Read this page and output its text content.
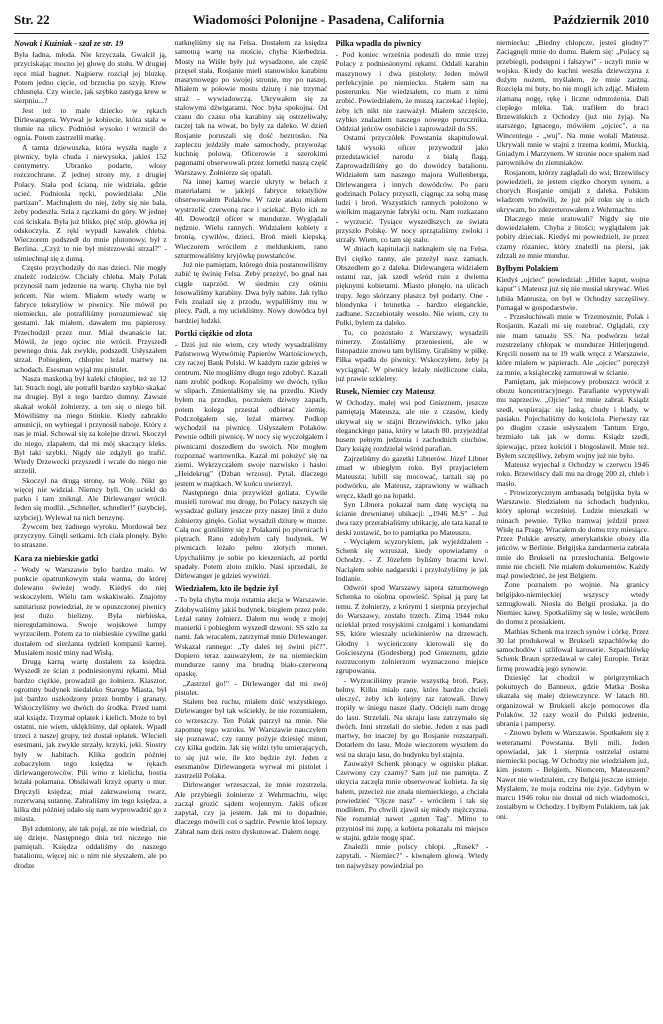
Str. 22	Wiadomości Polonijne - Pasadena, California	Październik 2010
Nowak i Kuźniak - szał ze str. 19

Była ładna, młoda. Nie krzyczała. Gwałcił ją, przyciskając mocno jej głowę do stołu. W drugiej ręce miał bagnet. Najpierw rozciął jej bluzkę. Potem jedno cięcie, od brzucha po szyję. Krew chlusnęła. Czy wiecie, jak szybko zastyga krew w sierpniu...?

Jest też to male dziecko w rękach Dirlewangera. Wyrwał je kobiecie, która stała w tłumie na ulicy. Podniósł wysoko i wrzucił do ognia. Potem zastrzelił matkę.

A tamta dziewuszka, która wyszła nagle z piwnicy, była chuda i niewysoka, jakieś 152 centymetry. Ubranko podarte, włosy rozczochrane. Z jednej strony my, z drugiej Polacy. Stała pod ścianą, nie widziała, gdzie ucieć. Podniosła ręcki, powiedziała: „Nie partizan". Machnąłem do niej, żeby się nie bała, żeby podeszła. Szła z rączkami do góry. W jednej coś ściskała. Była już blisko, pięć stóp, główka jej odskoczyła. Z ręki wypadł kawałek chleba. Wieczorem podszedł do mnie plutonowy, był z Berlina. „Czyż to nie był mistrzowski strzał?" - uśmiechnął się z dumą.

Często przychodziły do nas dzieci. Nie mogły znaleźć rodziców. Chciały chleba. Mały Polak przynosił nam jedzenie na wartę. Chyba nie był jeńcem. Nie wiem. Miałem wtedy wartę w fabryce tekstyliów w piwnicy. Nie mówił po niemiecku, ale potrafiliśmy porozumiewać się gestami. Jak miałem, dawałem mu papierosy. Przechodził przez mur. Miał dwanaście lat. Mówił, że jego ojciec nie wrócił. Przyszedł pewnego dnia. Jak zwykle, podszedł. Usłyszałem strzał. Pobiegłem, chłopiec leżał martwy na schodach. Esesman wyjął mu pistolet.

Nasza maskotką był kaleki chłopiec, też ze 12 lat. Strach nogi, ale potrafił bardzo szybko skakać na drugiej. Był z tego bardzo dumny. Zawsze skakał wokół żołnierzy, a ten się o niego bił. Mówiliśmy na niego Stinkie. Kiedy zabrakło amunicji, on wybiegał i przynosił naboje. Który z nas je miał. Schował się za kolejne drzwi. Skoczył do niego, złapałem, dał mi mój skaczący kleks. Był taki szybki. Nigdy nie zdążyli go trafić. Wtedy Drzewecki przyszedł i wcale do niego nie strzelił.

Skoczył na drugą stronę, na Wolę. Nikt go więcej nie widział. Niemcy byli. On uciekł do parku i tam zniknął. Ale Dirlewanger wrócił. Jeden się modlił. „Schneller, schneller!" (szybciej, szybciej). Wylewał na nich benzynę.

Żywcem bez żadnego wyroku. Mordował bez przyczyny. Ginęli setkami. Ich ciała płonęły. Było to straszne.

Kara za niebieskie gatki

- Wody w Warszawie było bardzo mało. W punkcie opatrunkowym stała wanna, do której dolewano świeżej wody. Kiedyś do niej wskoczyłem. Wielu tam wskakiwało. Znajomy sanitariusz powiedział, że w opuszczonej piwnicy jest dużo bielizny. Była niebieska, nieregulaminowa. Swoje wojskowe lumpy wyrzuciłem. Potem za to niebieskie cywilne gatki dostałem od sierżanta tydzień kompanii karnej. Musiałem nosić miny nad Wisłą.

Drugą karną wartę dostałem za księdza. Wyszedł ze ścian z podniesionymi rękami. Miał bardzo ciężkie, prowadził go żołnierz. Klasztor, ogromny budynek niedaleko Starego Miasta, był już bardzo uszkodzony przez bomby i granaty. Wskoczyliśmy we dwóch do środka. Przed nami stał ksiądz. Trzymał opłatek i kielich. Może to był ostatni, nie wiem, uklękliśmy, dał opłatek. Wpadł trzeci z naszej grupy, też dostał opłatek. Wlecieli esesmani, jak zwykle strzały, krzyki, jeki. Siostry były w habitach. Klika godzin później zobaczyłem tego księdza w rękach dirlewangerowców. Pili wino z kielicha, hostia leżała połamana. Obsikiwali krzyż oparty o mur. Dręczyli księdza; miał zakrwawioną twarz, rozerwaną sutannę. Zabraliśmy im tego księdza, a kilka dni później udało się nam wyprowadzić go z miasta.

Był zdumiony, ale tak pojął, ze nie wiedział, co się dzieje. Następnego dnia też niczego nie pamiętali. Księdza oddaliśmy do naszego batalionu, więcej nic o nim nie słyszałem, ale po drodze

natknęliśmy się na Felsa. Dostałem za księdza samotną wartę na moście, chyba Kierbedzia. Mosty na Wiśle były już wysadzone, ale część przęseł stała. Rosjanie mieli stanowisko karabinu maszynowego po swojej stronie, my po naszej. Miałem w połowie mostu dziurę i nie trzymać straż - wywiadowczą. Ukrywałem się za stalowymi dźwigarami. Noc była spokojna. Od czasu do czasu oba karabiny się ostrzeliwały, raczej tak na wiwat, bo były za daleko. W dzień Rosjanie poruszali się dość beztrosko. Na zapleczu jeździły małe samochody, przywożąc kuchnię polową. Oficerowie z szerokimi pagonami obserwowali przez lornetki naszą część Warszawy. Żołnierze się opalali.

Na innej karnej warcie ukryty w belach z materiałami w jakiejś fabryce tekstyliów obserwowałem Polaków. W razie ataku miałem wystrzelić czerwoną race i uciekać. Było ich ze 40. Dowodził oficer w mundurze. Wyglądali nędznie. Wielu rannych. Widziałem kobiety z bronią, cywilów, dzieci. Broń mieli kiepską. Wieczorem wróciłem z meldunkiem, rano szturmowaliśmy kryjówkę powstańców.

Już nie pamiętam, którego dnia postanowiliśmy zabić tę świnię Felsa. Żeby przeżyć, bo gnał nas ciągle naprzód. W siedmiu czy ośmiu losowaliśmy karabiny. Dwa były nabite. Jak tylko Fels znalazł się z przodu, wypaliliśmy mu w plecy. Padł, a my uciekliśmy. Nowy dowódca był bardziej ludzki.

Portki ciężkie od złota

- Dziś już nie wiem, czy wtedy wysadzaliśmy Państwową Wytwórnię Papierów Wartościowych, czy raczej Bank Polski. W każdym razie gdzieś w centrum. Nie mogliśmy długo tego zdobyć. Kazali nam zrobić podkop. Kopaliśmy we dwóch, tylko w slipach. Zmieniałiśmy się na przedłu. Kiedy byłem na przodku, poczułem dziwny zapach, potem kolega przestał odbierać ziemię. Podczołgałem się, leżał martwy. Podkop wychodził na piwnicę. Usłyszałem Polaków. Pewnie odbili piwnicę. W nocy się wyczołgałem i piwnicami doszedłem do swoich. Nie mogłem rozpoznać wartownika. Kazał mi położyć się na ziemi. Wykrzyczałem swoje nazwisko i hasło: „Heidekrug" (Dzban wrzosu). Pytał, dlaczego jestem w majtkach. W końcu uwierzył.

Następnego dnia przywiózł goliata. Cywile musieli torować mu drogę, bo Polacy naszych się wysadzać goliaty jeszcze przy naszej linii z dużo żołnierzy ginęło. Goliat wysadził dziurę w murze. Całą noc goniliśmy się z Polakami po piwnicach i piętrach. Rano zdobyłem cały budynek. W piwnicach leżało pełno złotych monet. Upychaliśmy je sobie po kieszeniach, aż portki spadały. Potem złoto zniklo. Nasi sprzedali, że Dirlewanger je gdzieś wywiózł.

Wiedziałem, kto ile będzie żył

- To była chyba moja ostatnia akcja w Warszawie. Zdobywaliśmy jakiś budynek, biegłem przez pole. Leżał ranny żołnierz. Dałem mu wodę z mojej manierki i pobiegłem wyszedł dzwoni. SS szło za nami. Jak wracałem, zatrzymał mnie Dirlewanger. Wskazał rannego: „Ty dałeś tej świni pić?". Dopiero teraz zauważyłem, że na niemieckim mundurze ranny ma brudną biało-czerwoną opaskę.

„Zastrzel go!" - Dirlewanger dał mi swój pistolet.

Stałem bez ruchu, miałem dość wszystkiego. Dirlewanger był tak wściekły, że nie rozumiałem, co wrzeszczy. Ten Polak patrzył na mnie. Nie zapomnę tego wzroku. W Warszawie nauczyłem się poznawać, czy ranny pożyje dziesięć minut, czy kilka godzin. Jak się widzi tylu umierających, to się już wie, ile kto będzie żył. Jeden z esesmanów Dirlewangera wyrwał mi pistolet i zastrzelił Polaka.

Dirlewanger wrzeszczał, że mnie rozstrzela. Ale przybiegli żołnierze z Wehrmachtu, więc zaczął grozić sądem wojennym. Jakiś oficer zapytał, czy ja jestem. Jak mi to dopadnie, dlaczego mówili coś o sądzie. Pewnie ktoś lepszy. Zabrał nam dziś ostro dyskutować. Dałem nogę.

Pilka wpadła do piwnicy

- Pod koniec września podeszli do mnie trzej Polacy z podniesionymi rękami. Oddali karabin maszynowy i dwa pistolety. Jeden mówił perfekcyjnie po niemiecku. Stałem sam na posterunku. Nie wiedziałem, co mam z nimi zrobić. Powiedziałem, że muszą zaczekać i lepiej, żeby ich nikt nie zauważył. Miałem szczęście, szybko znalazłem naszego nowego porucznika. Oddział jeńców osobiście i zaprowadził do SS.

Ostatni przyczółek Powstania skapitulował. Jakiś wysoki oficer przywodził jako przedstawiciel narodu z białą flagą. Zaprowadziliśmy go do dowódcy batalionu. Widziałem tam naszego majora Wullenberga, Dirlewangera i innych dowódców. Po paru godzinach Polacy przyszli, ciągnąc za sobą masę ludzi i broń. Wszystkich rannych położono w wielkim magazynie fabryki octu. Nam rozkazano - wyrzucić. Tysiące wyszedłszych ze świata przyszło Polskę. W nocy sprzątaliśmy zwłoki i strzały. Wiem, co tam się stało.

W dniach kapitulacji natknąłem się na Felsa. Był ciężko ranny, ale przeżył nasz zamach. Obszedłem go z daleka. Dirlewangera widziałem ostatni raz, jak szedł wśród ruin z dwiema pięknymi kobietami. Miasto płonęło, na ulicach trupy. Jego skórzany płaszcz był podarty. One - blondynka i brunetka - bardzo eleganckie, zadbane. Szczebiotały wesoło. Nie wiem, czy to Polki, bylem za daleko.

To, co pozostało z Warszawy, wysadzili minerzy. Zostaliśmy przeniesieni, ale w listopadzie znowu tam byliśmy. Graliśmy w piłkę. Piłka wpadła do piwnicy. Wskoczyłem, żeby ją wyciągnąć. W piwnicy leżały nieżliczone ciała, już prawie szkielety.

Rusek, Niemiec czy Mateusz

W Ochodzy, małej wsi pod Gnieznem, jeszcze pamiętają Mateusza, ale nie z czasów, kiedy ukrywał się w stajni Brzewińskich, tylko jako eleganckiego pana, który w latach 80. przyjeżdżał busem pełnym jedzenia i zachodnich ciuchów. Dary książę rozdzielał wśród parafian.

Zajrzeliśmy do gazetki Libnerów. Józef Libner zmarł w ubiegłym roku. Był przyjacielem Mateusza; lubili się mocować, tarzali się po podwórku, ale Mateusz, zaprawiony w walkach wręcz, kładł go na łopatki.

Syn Libnera pokazał nam datę wyciętą na ścianie drewnianej ubikacji: „1946 M.S" - Już dwa razy przerabialiśmy ubikację, ale tata kazał te deski zostawić, bo to pamiątka po Mateuszu.

- Wyciąłem scyzorykiem, jak wyjeżdżałem - Schenk się wzruszał, kiedy opowiadamy o Ochodzy. - Z Józefem byliśmy bracmi krwi. Naciąłem sobie nadgarstki i przyłożyliśmy je jak Indianie.

Odwrót spod Warszawy sapera szturmowego Schenka to osobna opowieść. Spisał ją parę lat temu. Z żołnierzy, z którymi 1 sierpnia przyjechał do Warszawy, zostało trzech. Zimą 1944 roku ucieklał przed rosyjskimi czołgami i komandami SS, które wieszały uciekinierów na drzewach. Głodny i wycieńczony kierowali się do Gościeszyna (Godesberg) pod Gnieznem, gdzie rozrzuconym żołnierzom wyznaczono miejsce zgrupowania.

- Wyrzuciliśmy prawie wszystką broń. Pasy, hełmy. Kilku miało rany, które bardzo chcieli uleczyć, żeby ich kolejny raz ratowali. Iluwy tropiły w śniegu nasze ślady. Odcięli nam drogę do lasu. Strzelali. Na skraju lasu zatrzymało się dwóch. Inni strzelali do siebie. Jeden z nas padł martwy, bo inaczej by go Rosjanie rozszarpali. Dotarłem do lasu. Może wieczorem wyszłem do wsi na skraju lasu, do budynku był stajnia.

Zauważył Schenk płonący w ognisku plakat. Czerwony czy czarny? Sam już nie pamięta. Z ukrycia zaczęła mnie obserwować kobieta. Ja się bałem, przecież nie znała niemieckiego, a chciała powiedzieć "Ojcze nasz" - wróciłem i tak się modliłem. Po chwili zjawił się młody mężczyzna. Nie rozumiał nawet „guten Tag". Mimo to przyniósł mi zupę, a kobieta pokazała mi miejsce w stajni, gdzie mogę spać.

Znaleźli mnie polscy chłopi. „Rusek? - zapytali. - Niemiec?" - kiwnąłem głową. Wtedy ten najwyższy powiedział po

niemiecku: „Biedny chłopcze, jesteś głodny?" Zaciągnęli mnie do domu. Bałem się: „Polacy są przebiegli, podstępni i fałszywi" - uczyli mnie w wojsku. Kiedy do kuchni weszła dziewczyna z dużym nożem, myślałem, że mnie zarżną. Rozcięła mi buty, bo nie mogli ich zdjąć. Miałem złamaną nogę, rękę i liczne odmrożenia. Dali ciepłego mleka. Tak trafiłem do braci Brzewińskich z Ochodzy (już nie żyją). Na starszego, Ignacego, mówiłem „ojciec", a na Wincentego - „wuj". Na mnie wołali Mateusz. Ukrywali mnie w stajni z trzema końmi, Muckią, Gniadym i Marzynem. W stronie noce spałem nad parowników do ziemniaków.

Rosjanom, którzy zaglądali do wsi, Brzewińscy powiedzieli, że jestem ciężko chorym synem, a chorych Rosjanie omijali z daleka. Polskim władzom wmówili, że już pół roku się u nich ukrywam, bo zdezerterowałem z Wehrmachtu.

Dlaczego mnie uratowali? Nigdy się nie dowiedziałem. Chyba z litości; wyglądałem jak pobity dzieciak. Kiedyś mi powiedzieli, że przez czarny rózaniec, który znaleźli na piersi, jak zdrzali ze mnie mundur.

Byłbym Polakiem

Kiedyś „ojciec" powiedział: „Hitler kaput, wojna kaput" i Mateusz już się nie musiał ukrywać. Wieś lubiła Mateusza, on był w Ochodzy szczęśliwy. Pomagał w gospodarstwie.

- Przesłuchiwali mnie w Trzemesznie, Polak i Rosjanin. Kazali mi się rozebrać. Oglądali, czy nie mam tatuażu SS. Na podwórzu leżał rozstrzelany chłopak w mundurze Hitlerjugend. Kręcili nosem na te 19 walk wręcz z Warszawie, które miałem w papierach. Ale „ojciec" poręczył za mnie, a książeczkę zamurował w ścianie.

Pamiętam, jak miejscowy proboszcz wrócił z obozu koncentracyjnego. Parafianie wypytywali mu naprzeciw. „Ojciec" też mnie zabrał. Ksiądz szedł, wspierając się laską, chudy i blady, w pasiaku. Pojechaliśmy do kościoła. Pierwszy raz po długim czasie usłyszałem Tantum Ergo, brzmiało tak jak w domu. Ksiądz szedł, śpiewając, przez kościół i błogosławił. Mnie też. Byłem szczęśliwy, żebym wojny już nie było.

Mateusz wyjechał z Ochodzy w czerwcu 1946 roku. Brzewińscy dali mu na drogę 200 zł, chleb i masło.

- Prowizorycznym ambasadą belgijska była w Warszawie. Siedziałem na schodach budynku, który spłonął wcześniej. Ludzie mieszkali w ruinach pewnie. Tylko tramwaj jeździł przez Wisłę na Pragę. Wracałem do domu trzy miesiące. Przez Polskie areszty, amerykańskie obozy dla jeńców, w Berlinie. Belgijska żandarmeria zabrała mnie do Brukseli na przesłuchania. Belgowie mnie nie chcieli. Nie miałem dokumentów. Każdy mąż powiedzieć, że jest Belgiem.

Zone poznałem po wojnie. Na granicy belgijsko-niemieckiej wszyscy wtedy szmuglowali. Niosła do Belgii prosiaka, ja do Niemiec kawę. Spotkaliśmy się w lesie, wróciłem do domu z prosiakiem.

Mathias Schenk ma trzech synów i córkę. Przez 30 lat produkował w Brukseli szpachlówkę do samochodów i szlifował karoserie. Szpachlówkę Schenk Braun sprzedawał w całej Europie. Teraz firmę prowadzą jego synowie.

Dziesięć lat chodził w pielgrzymkach pokutnych do Banneux, gdzie Matka Boska ukazała się małej dziewczynce. W latach 80. organizował w Brukseli akcje pomocowe dla Polaków. 32 razy woził do Polski jedzenie, ubrania i pampersy.

- Znowu byłem w Warszawie. Spotkałem się z weteranami Powstania. Byli mili. Jeden opowiadał, jak 1 sierpnia ostrzelał ostatni niemiecki pociąg. W Ochodzy nie wiedziałem już, kim jestem - Belgiem, Niemcem, Mateuszem? Nawet nie wiedziałem, czy Belgia jeszcze istnieje. Myślałem, że moja rodzina nie żyje. Gdybym w marcu 1946 roku nie dostał od nich wiadomości, zostałbym w Ochodzy. I byłbym Polakiem, tak jak oni.
